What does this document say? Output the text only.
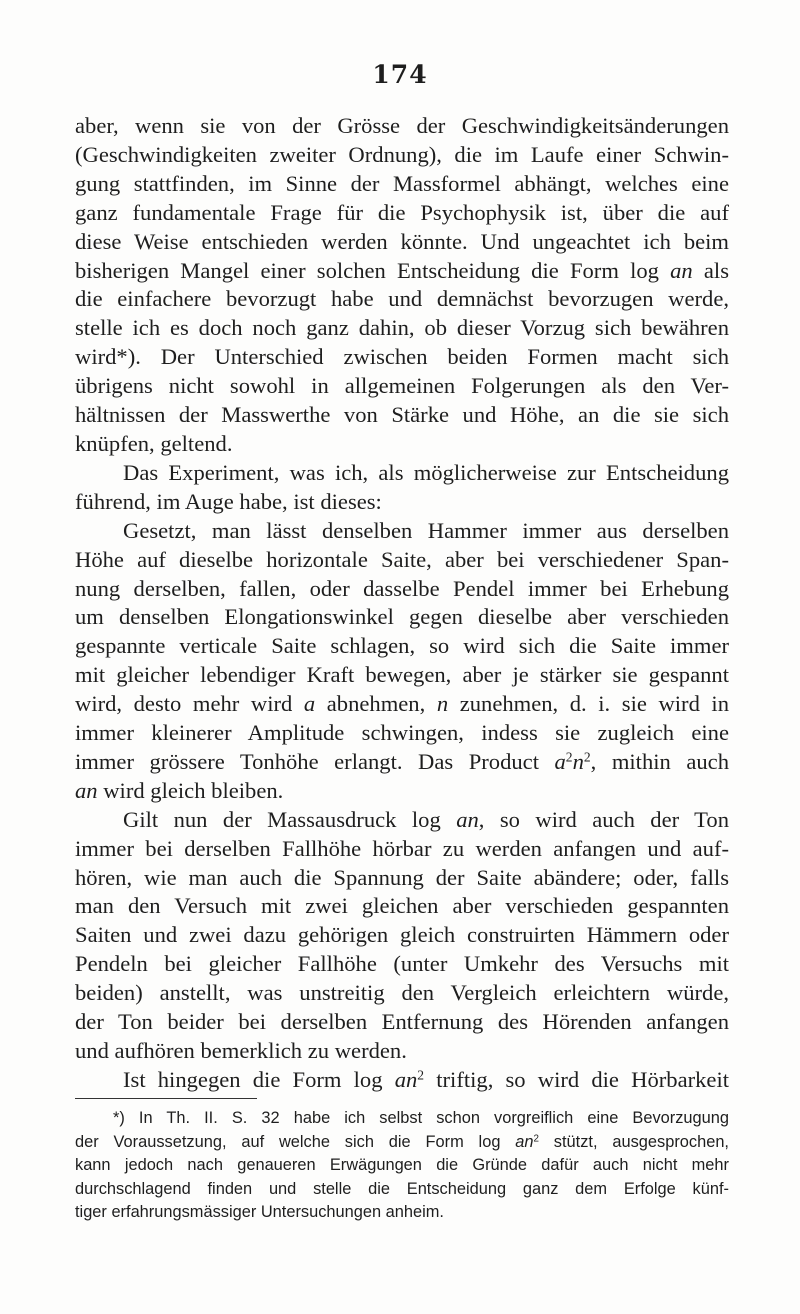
174
aber, wenn sie von der Grösse der Geschwindigkeitsänderungen
(Geschwindigkeiten zweiter Ordnung), die im Laufe einer Schwin-
gung stattfinden, im Sinne der Massformel abhängt, welches eine
ganz fundamentale Frage für die Psychophysik ist, über die auf
diese Weise entschieden werden könnte. Und ungeachtet ich beim
bisherigen Mangel einer solchen Entscheidung die Form log an als
die einfachere bevorzugt habe und demnächst bevorzugen werde,
stelle ich es doch noch ganz dahin, ob dieser Vorzug sich bewähren
wird*). Der Unterschied zwischen beiden Formen macht sich
übrigens nicht sowohl in allgemeinen Folgerungen als den Ver-
hältnissen der Masswerthe von Stärke und Höhe, an die sie sich
knüpfen, geltend.
Das Experiment, was ich, als möglicherweise zur Entscheidung
führend, im Auge habe, ist dieses:
Gesetzt, man lässt denselben Hammer immer aus derselben
Höhe auf dieselbe horizontale Saite, aber bei verschiedener Span-
nung derselben, fallen, oder dasselbe Pendel immer bei Erhebung
um denselben Elongationswinkel gegen dieselbe aber verschieden
gespannte verticale Saite schlagen, so wird sich die Saite immer
mit gleicher lebendiger Kraft bewegen, aber je stärker sie gespannt
wird, desto mehr wird a abnehmen, n zunehmen, d. i. sie wird in
immer kleinerer Amplitude schwingen, indess sie zugleich eine
immer grössere Tonhöhe erlangt. Das Product $a^2n^2$, mithin auch
an wird gleich bleiben.
Gilt nun der Massausdruck log an, so wird auch der Ton
immer bei derselben Fallhöhe hörbar zu werden anfangen und auf-
hören, wie man auch die Spannung der Saite abändere; oder, falls
man den Versuch mit zwei gleichen aber verschieden gespannten
Saiten und zwei dazu gehörigen gleich construirten Hämmern oder
Pendeln bei gleicher Fallhöhe (unter Umkehr des Versuchs mit
beiden) anstellt, was unstreitig den Vergleich erleichtern würde,
der Ton beider bei derselben Entfernung des Hörenden anfangen
und aufhören bemerklich zu werden.
Ist hingegen die Form $\log an^2$ triftig, so wird die Hörbarkeit
*) In Th. II. S. 32 habe ich selbst schon vorgreiflich eine Bevorzugung
der Voraussetzung, auf welche sich die Form $\log an^2$ stützt, ausgesprochen,
kann jedoch nach genaueren Erwägungen die Gründe dafür auch nicht mehr
durchschlagend finden und stelle die Entscheidung ganz dem Erfolge künf-
tiger erfahrungsmässiger Untersuchungen anheim.
